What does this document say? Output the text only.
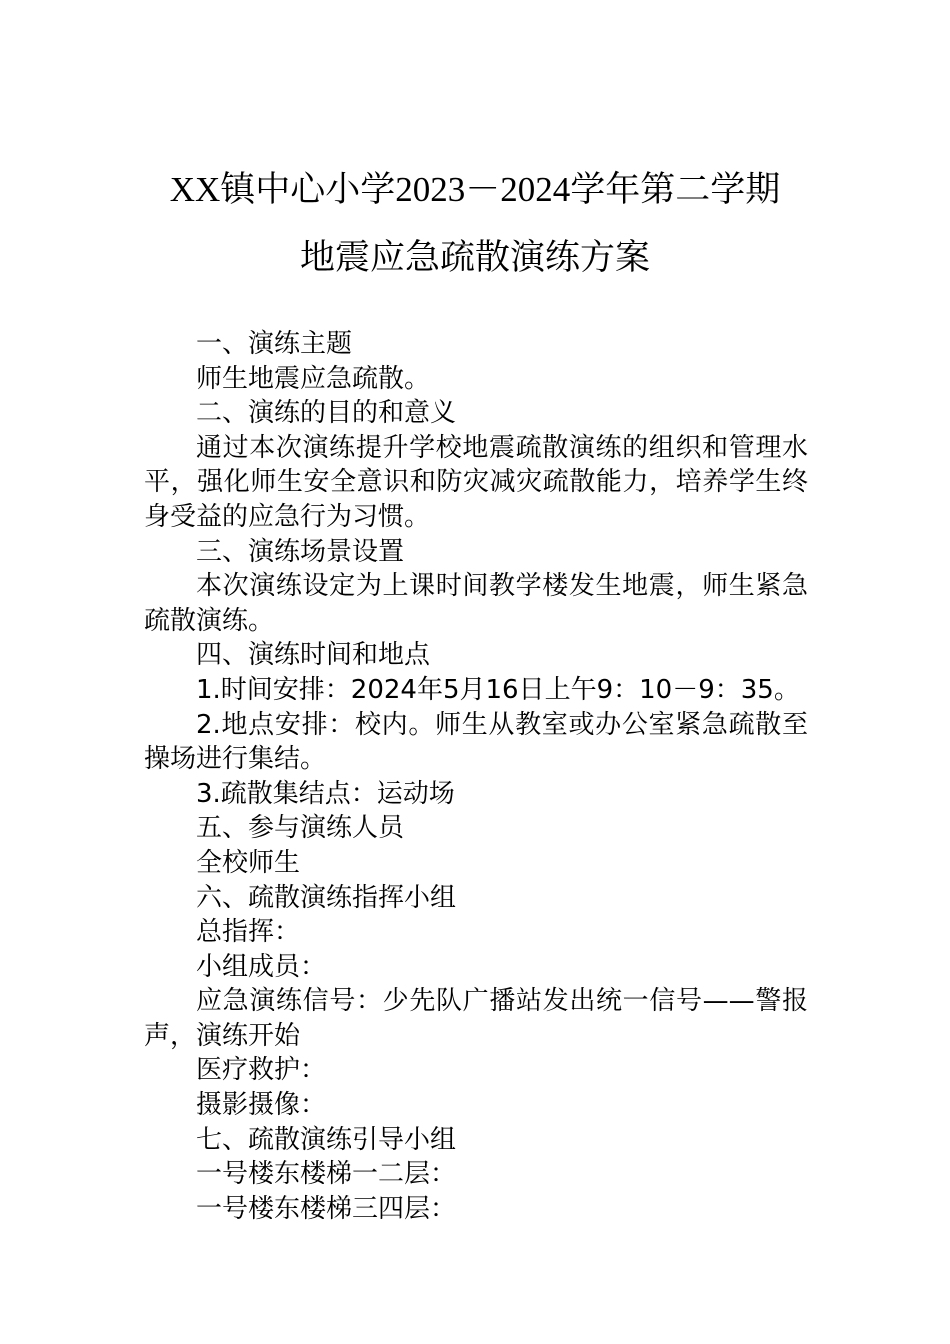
XX镇中心小学2023－2024学年第二学期
地震应急疏散演练方案

一、演练主题

师生地震应急疏散。

二、演练的目的和意义

通过本次演练提升学校地震疏散演练的组织和管理水平，强化师生安全意识和防灾减灾疏散能力，培养学生终身受益的应急行为习惯。

三、演练场景设置

本次演练设定为上课时间教学楼发生地震，师生紧急疏散演练。

四、演练时间和地点

1.时间安排：2024年5月16日上午9：10－9：35。

2.地点安排：校内。师生从教室或办公室紧急疏散至操场进行集结。

3.疏散集结点：运动场

五、参与演练人员

全校师生

六、疏散演练指挥小组

总指挥：

小组成员：

应急演练信号：少先队广播站发出统一信号——警报声，演练开始

医疗救护：

摄影摄像：

七、疏散演练引导小组

一号楼东楼梯一二层：

一号楼东楼梯三四层：
